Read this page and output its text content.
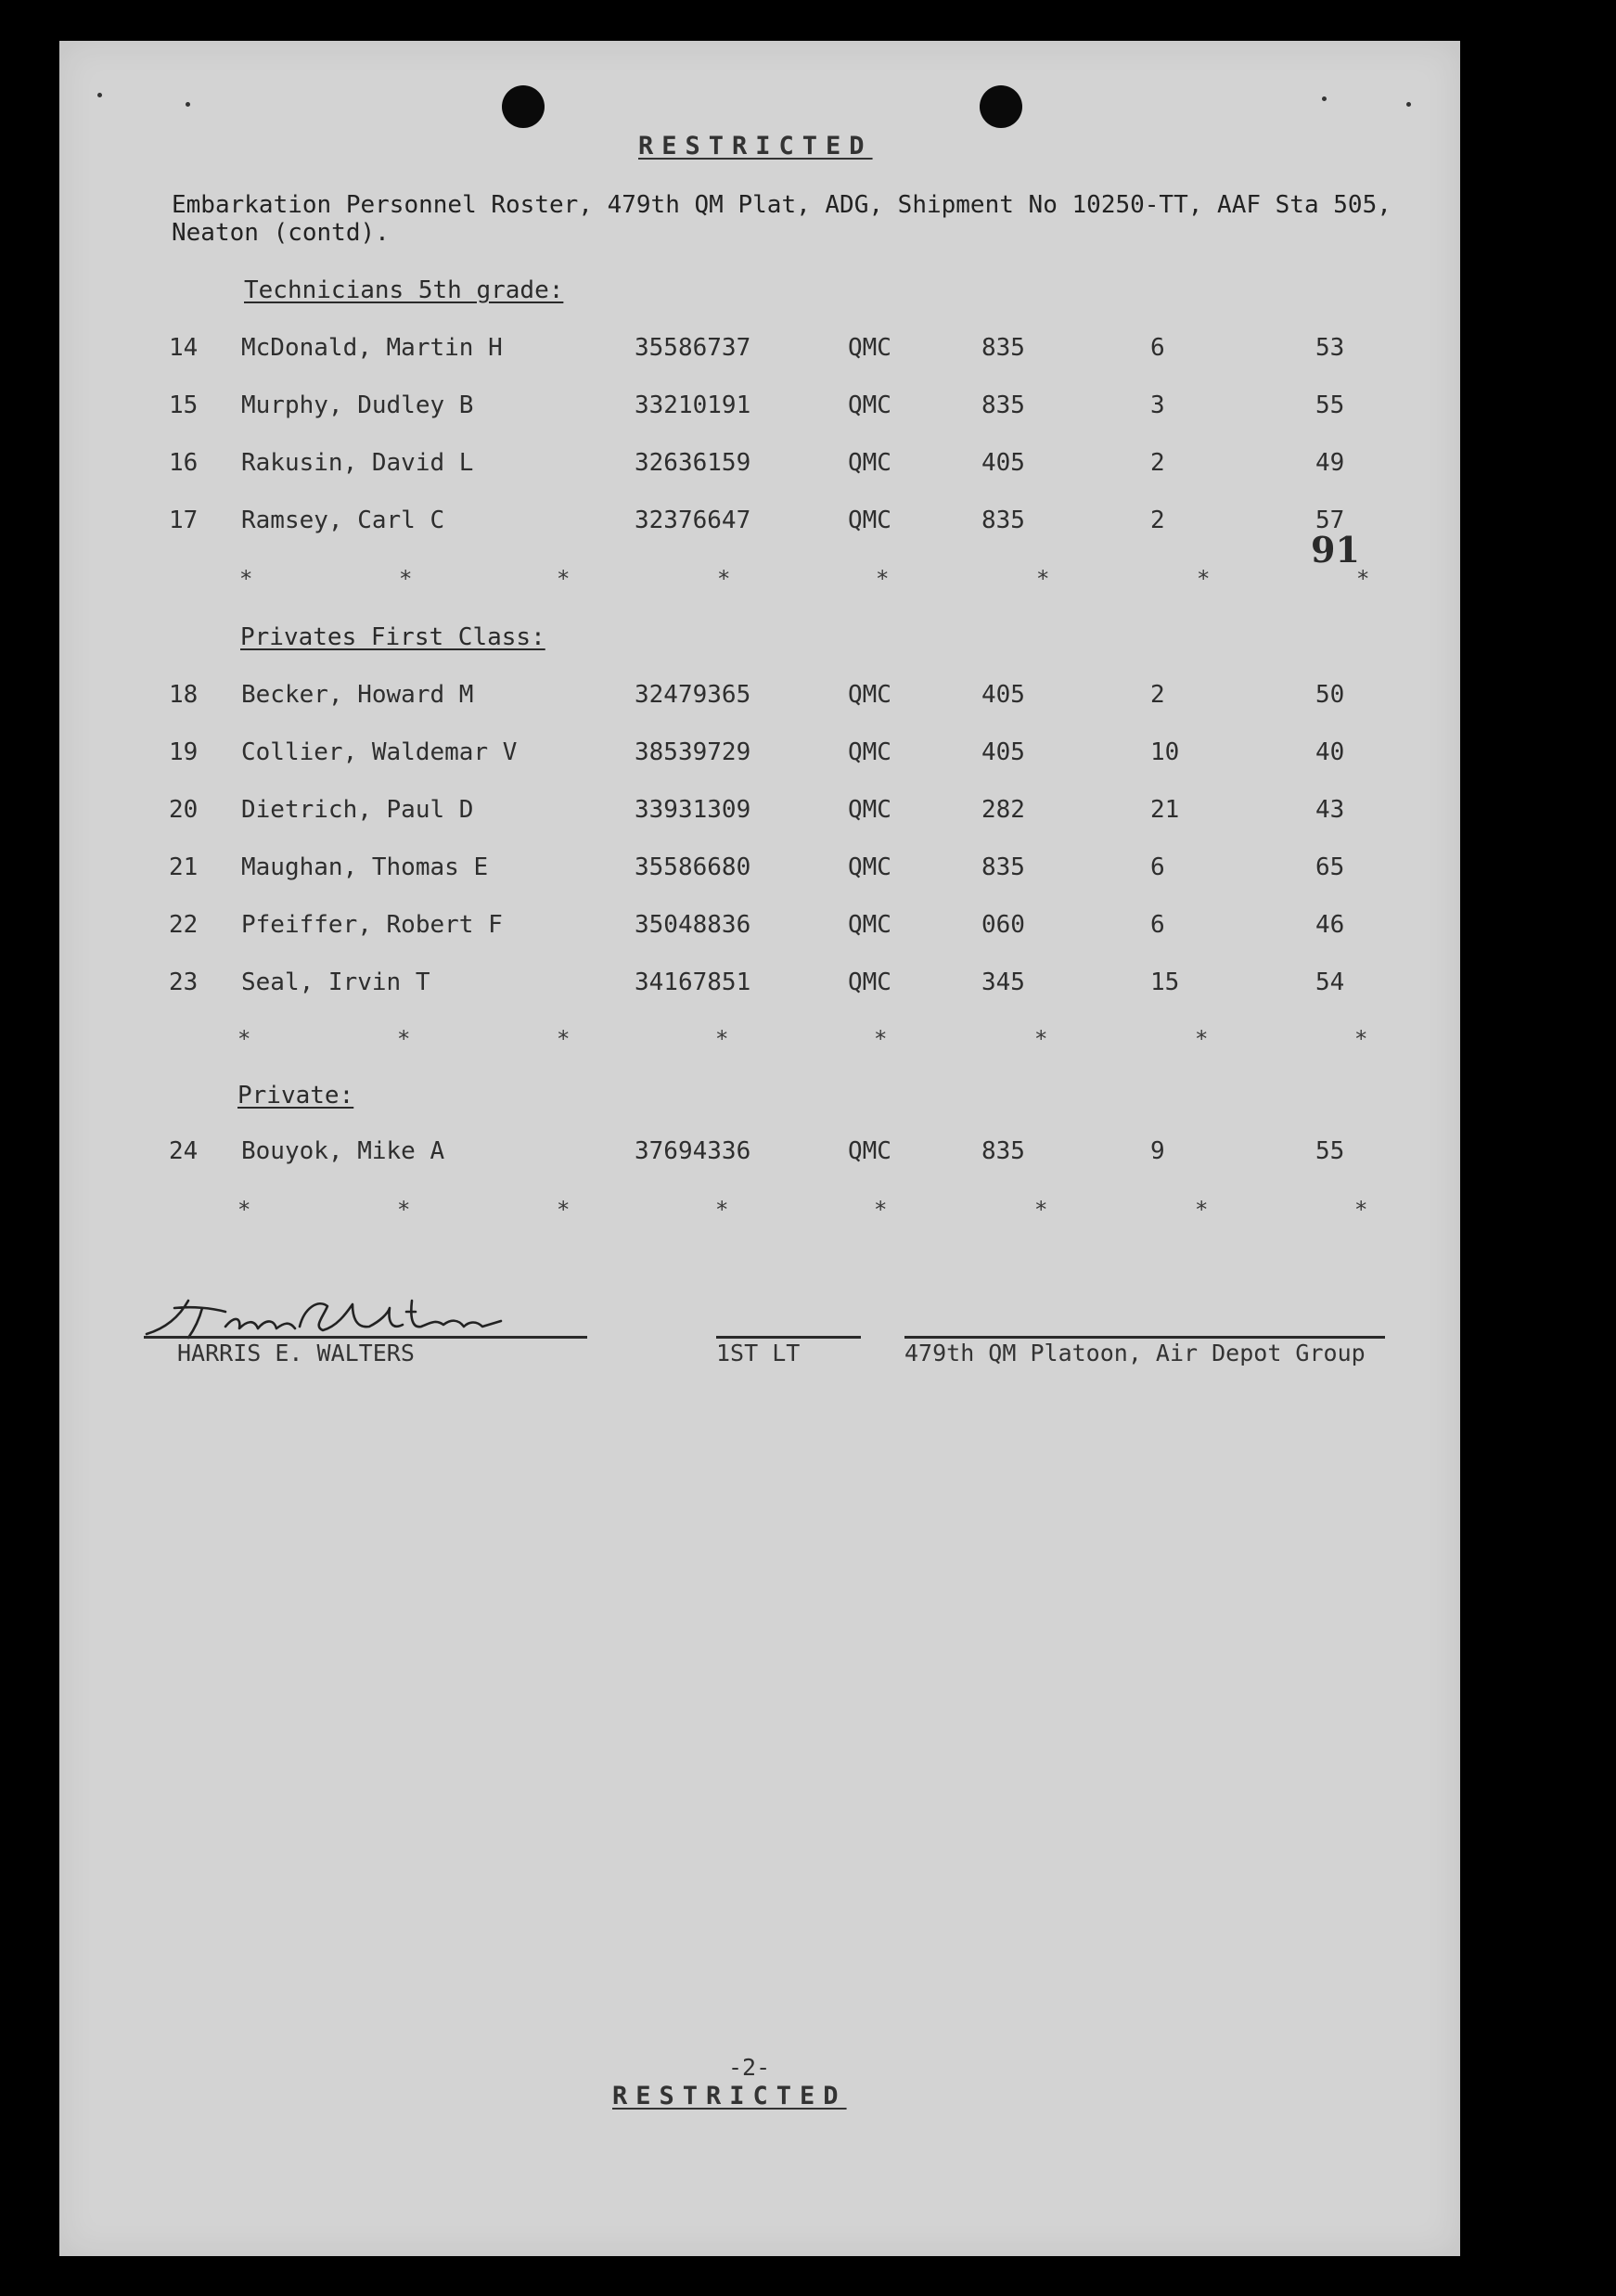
RESTRICTED
Embarkation Personnel Roster, 479th QM Plat, ADG, Shipment No 10250-TT, AAF Sta 505,
Neaton (contd).
Technicians 5th grade:
14 McDonald, Martin H	35586737	QMC	835	6	53
15 Murphy, Dudley B	33210191	QMC	835	3	55
16 Rakusin, David L	32636159	QMC	405	2	49
17 Ramsey, Carl C	32376647	QMC	835	2	57
91
*	*	*	*	*	*	*	*
Privates First Class:
18 Becker, Howard M	32479365	QMC	405	2	50
19 Collier, Waldemar V	38539729	QMC	405	10	40
20 Dietrich, Paul D	33931309	QMC	282	21	43
21 Maughan, Thomas E	35586680	QMC	835	6	65
22 Pfeiffer, Robert F	35048836	QMC	060	6	46
23 Seal, Irvin T	34167851	QMC	345	15	54
*	*	*	*	*	*	*	*
Private:
24 Bouyok, Mike A	37694336	QMC	835	9	55
*	*	*	*	*	*	*	*
HARRIS E. WALTERS	1ST LT	479th QM Platoon, Air Depot Group
-2-
RESTRICTED
